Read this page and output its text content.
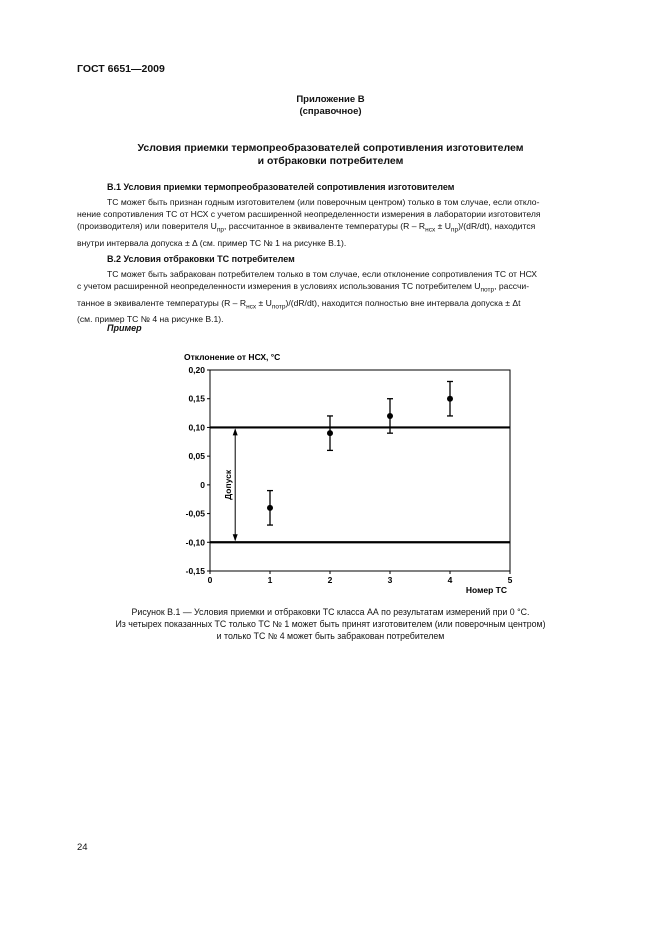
ГОСТ 6651—2009
Приложение В
(справочное)
Условия приемки термопреобразователей сопротивления изготовителем
и отбраковки потребителем
В.1 Условия приемки термопреобразователей сопротивления изготовителем

ТС может быть признан годным изготовителем (или поверочным центром) только в том случае, если откло-

нение сопротивления ТС от НСХ с учетом расширенной неопределенности измерения в лаборатории изготовителя
(производителя) или поверителя $U_{пр}$, рассчитанное в эквиваленте температуры $(R - R_{нсх} \pm U_{пр})/(dR/dt)$, находится
внутри интервала допуска ± Δ (см. пример ТС № 1 на рисунке В.1).
В.2 Условия отбраковки ТС потребителем

ТС может быть забракован потребителем только в том случае, если отклонение сопротивления ТС от НСХ

с учетом расширенной неопределенности измерения в условиях использования ТС потребителем $U_{потр}$, рассчи-
танное в эквиваленте температуры $(R - R_{нсх} \pm U_{потр})/(dR/dt)$, находится полностью вне интервала допуска ± Δt
(см. пример ТС № 4 на рисунке В.1).
Пример
Отклонение от НСХ, °С
Номер ТС
0,20
0,15
0,10
0,05
0
-0,05
-0,10
-0,15
0	1	2	3	4	5
Допуск
Рисунок В.1 — Условия приемки и отбраковки ТС класса АА по результатам измерений при 0 °С.
Из четырех показанных ТС только ТС № 1 может быть принят изготовителем (или поверочным центром)
и только ТС № 4 может быть забракован потребителем
24
